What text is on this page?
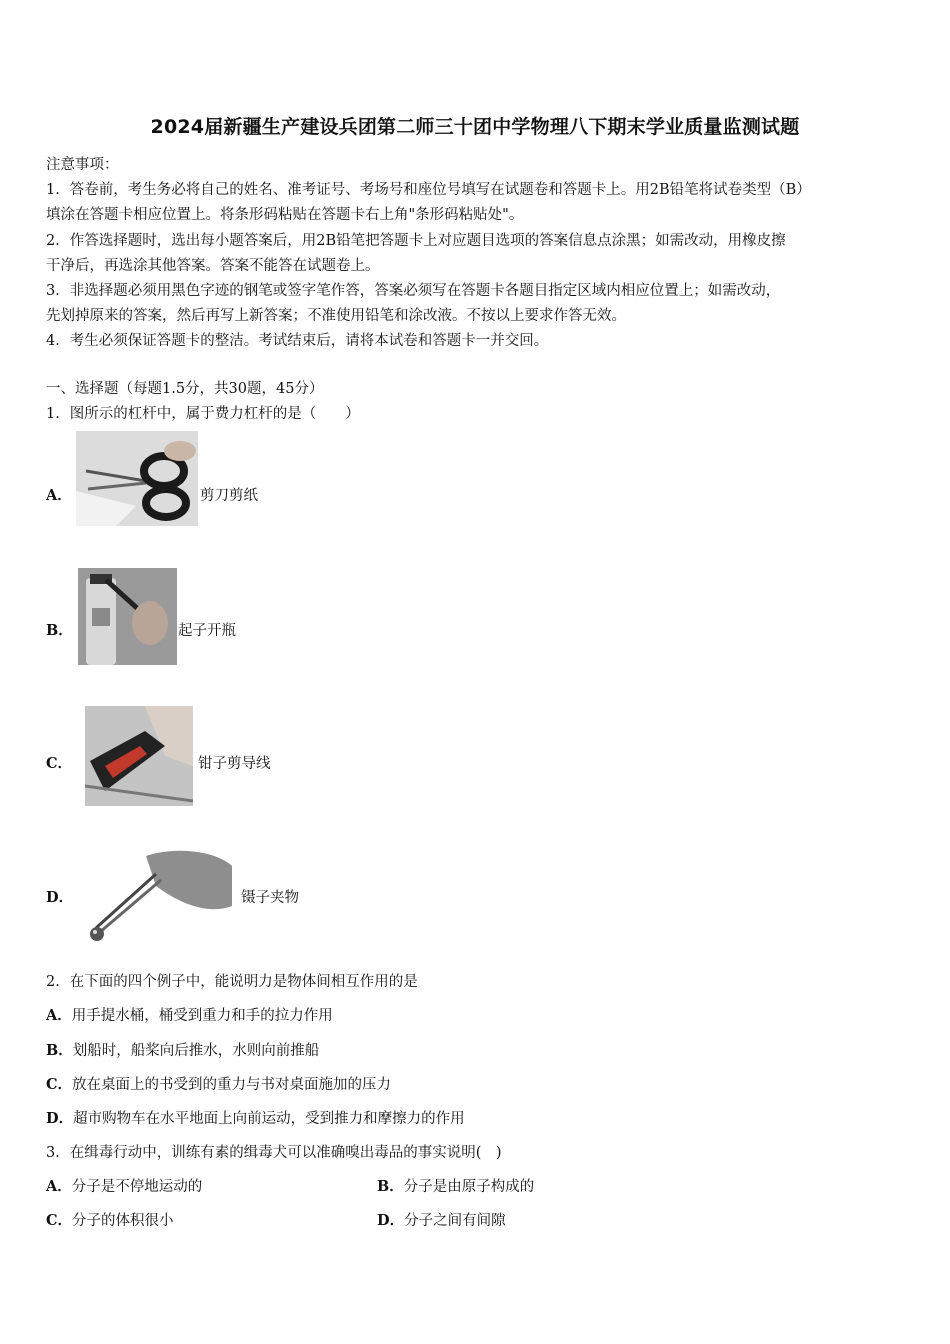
2024届新疆生产建设兵团第二师三十团中学物理八下期末学业质量监测试题
注意事项：
1．答卷前，考生务必将自己的姓名、准考证号、考场号和座位号填写在试题卷和答题卡上。用2B铅笔将试卷类型（B）
填涂在答题卡相应位置上。将条形码粘贴在答题卡右上角"条形码粘贴处"。
2．作答选择题时，选出每小题答案后，用2B铅笔把答题卡上对应题目选项的答案信息点涂黑；如需改动，用橡皮擦
干净后，再选涂其他答案。答案不能答在试题卷上。
3．非选择题必须用黑色字迹的钢笔或签字笔作答，答案必须写在答题卡各题目指定区域内相应位置上；如需改动，
先划掉原来的答案，然后再写上新答案；不准使用铅笔和涂改液。不按以上要求作答无效。
4．考生必须保证答题卡的整洁。考试结束后，请将本试卷和答题卡一并交回。
一、选择题（每题1.5分，共30题，45分）
1．图所示的杠杆中，属于费力杠杆的是（　　）
A．	剪刀剪纸
B．	起子开瓶
C．	钳子剪导线
D．	镊子夹物
2．在下面的四个例子中，能说明力是物体间相互作用的是
A．用手提水桶，桶受到重力和手的拉力作用
B．划船时，船桨向后推水，水则向前推船
C．放在桌面上的书受到的重力与书对桌面施加的压力
D．超市购物车在水平地面上向前运动，受到推力和摩擦力的作用
3．在缉毒行动中，训练有素的缉毒犬可以准确嗅出毒品的事实说明(　)
A．分子是不停地运动的	B．分子是由原子构成的
C．分子的体积很小	D．分子之间有间隙
